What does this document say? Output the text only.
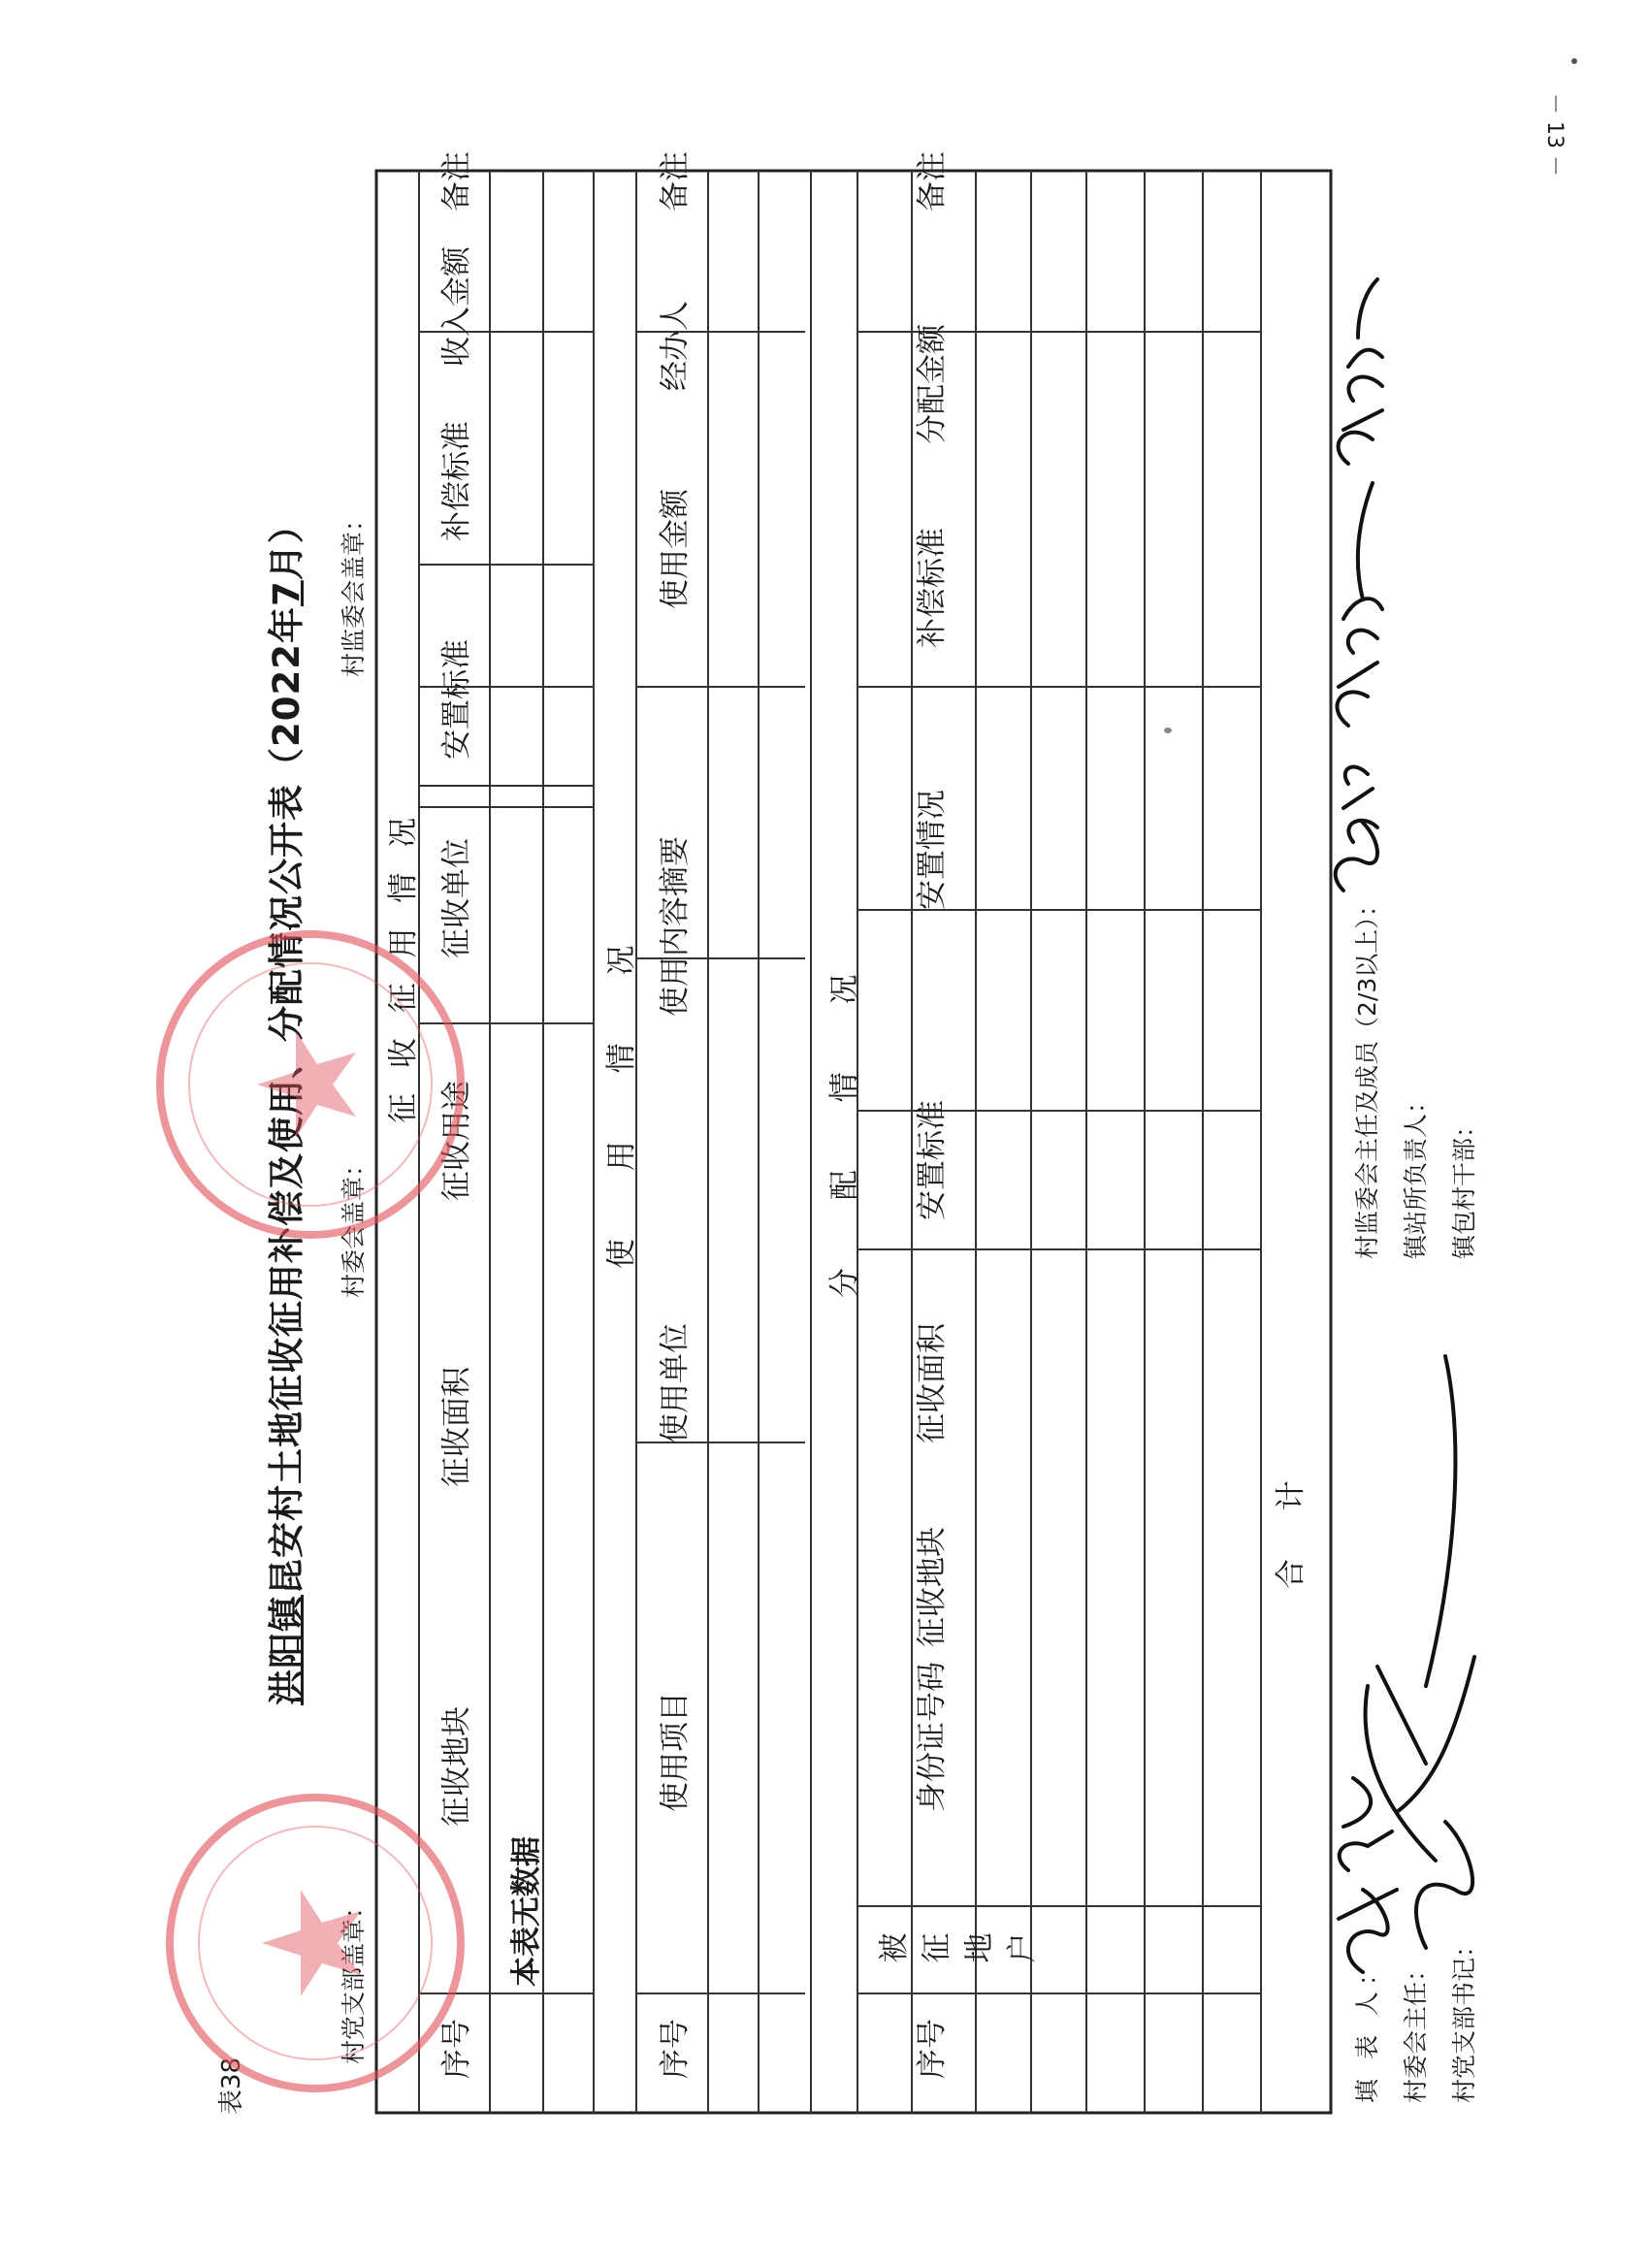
－ 13 －
表38
洪阳镇昆安村土地征收征用补偿及使用、分配情况公开表（2022年7月）
村党支部盖章：
村委会盖章：
村监委会盖章：
征 收 征 用 情 况
序号
征收地块
征收面积
征收用途
征收单位
安置标准
补偿标准
收入金额
备注
本表无数据
使 用 情 况
序号
使用项目
使用单位
使用内容摘要
使用金额
经办人
备注
分 配 情 况
序号
被征地户
身份证号码
征收地块
征收面积
安置标准
安置情况
补偿标准
分配金额
备注
合 计
填 表 人： 村委会主任： 村党支部书记：
村监委会主任及成员（2/3以上）： 镇站所负责人： 镇包村干部：
